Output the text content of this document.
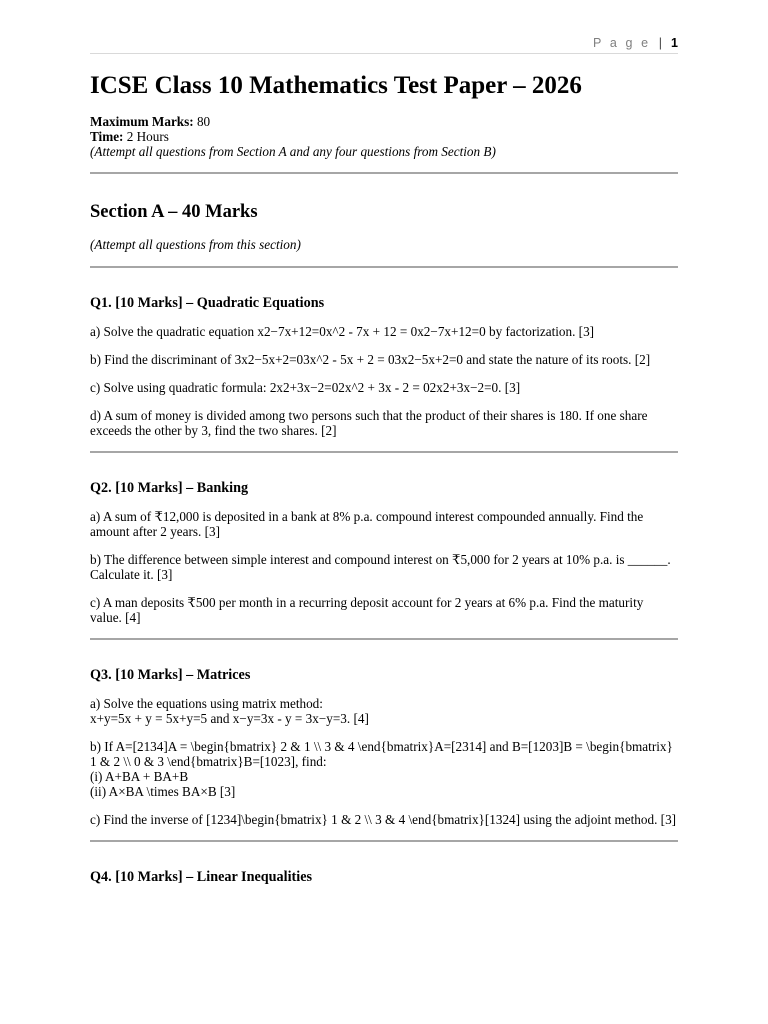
P a g e | 1
ICSE Class 10 Mathematics Test Paper – 2026

Maximum Marks: 80

Time: 2 Hours

(Attempt all questions from Section A and any four questions from Section B)

Section A – 40 Marks

(Attempt all questions from this section)

Q1. [10 Marks] – Quadratic Equations

a) Solve the quadratic equation x2−7x+12=0x^2 - 7x + 12 = 0x2−7x+12=0 by factorization. [3]

b) Find the discriminant of 3x2−5x+2=03x^2 - 5x + 2 = 03x2−5x+2=0 and state the nature of its roots. [2]

c) Solve using quadratic formula: 2x2+3x−2=02x^2 + 3x - 2 = 02x2+3x−2=0. [3]

d) A sum of money is divided among two persons such that the product of their shares is 180. If one share exceeds the other by 3, find the two shares. [2]

Q2. [10 Marks] – Banking

a) A sum of ₹12,000 is deposited in a bank at 8% p.a. compound interest compounded annually. Find the amount after 2 years. [3]

b) The difference between simple interest and compound interest on ₹5,000 for 2 years at 10% p.a. is ______. Calculate it. [3]

c) A man deposits ₹500 per month in a recurring deposit account for 2 years at 6% p.a. Find the maturity value. [4]

Q3. [10 Marks] – Matrices

a) Solve the equations using matrix method:

x+y=5x + y = 5x+y=5 and x−y=3x - y = 3x−y=3. [4]

b) If A=[2134]A = \begin{bmatrix} 2 & 1 \\ 3 & 4 \end{bmatrix}A=[2314] and B=[1203]B = \begin{bmatrix} 1 & 2 \\ 0 & 3 \end{bmatrix}B=[1023], find:

(i) A+BA + BA+B

(ii) A×BA \times BA×B [3]

c) Find the inverse of [1234]\begin{bmatrix} 1 & 2 \\ 3 & 4 \end{bmatrix}[1324] using the adjoint method. [3]

Q4. [10 Marks] – Linear Inequalities
